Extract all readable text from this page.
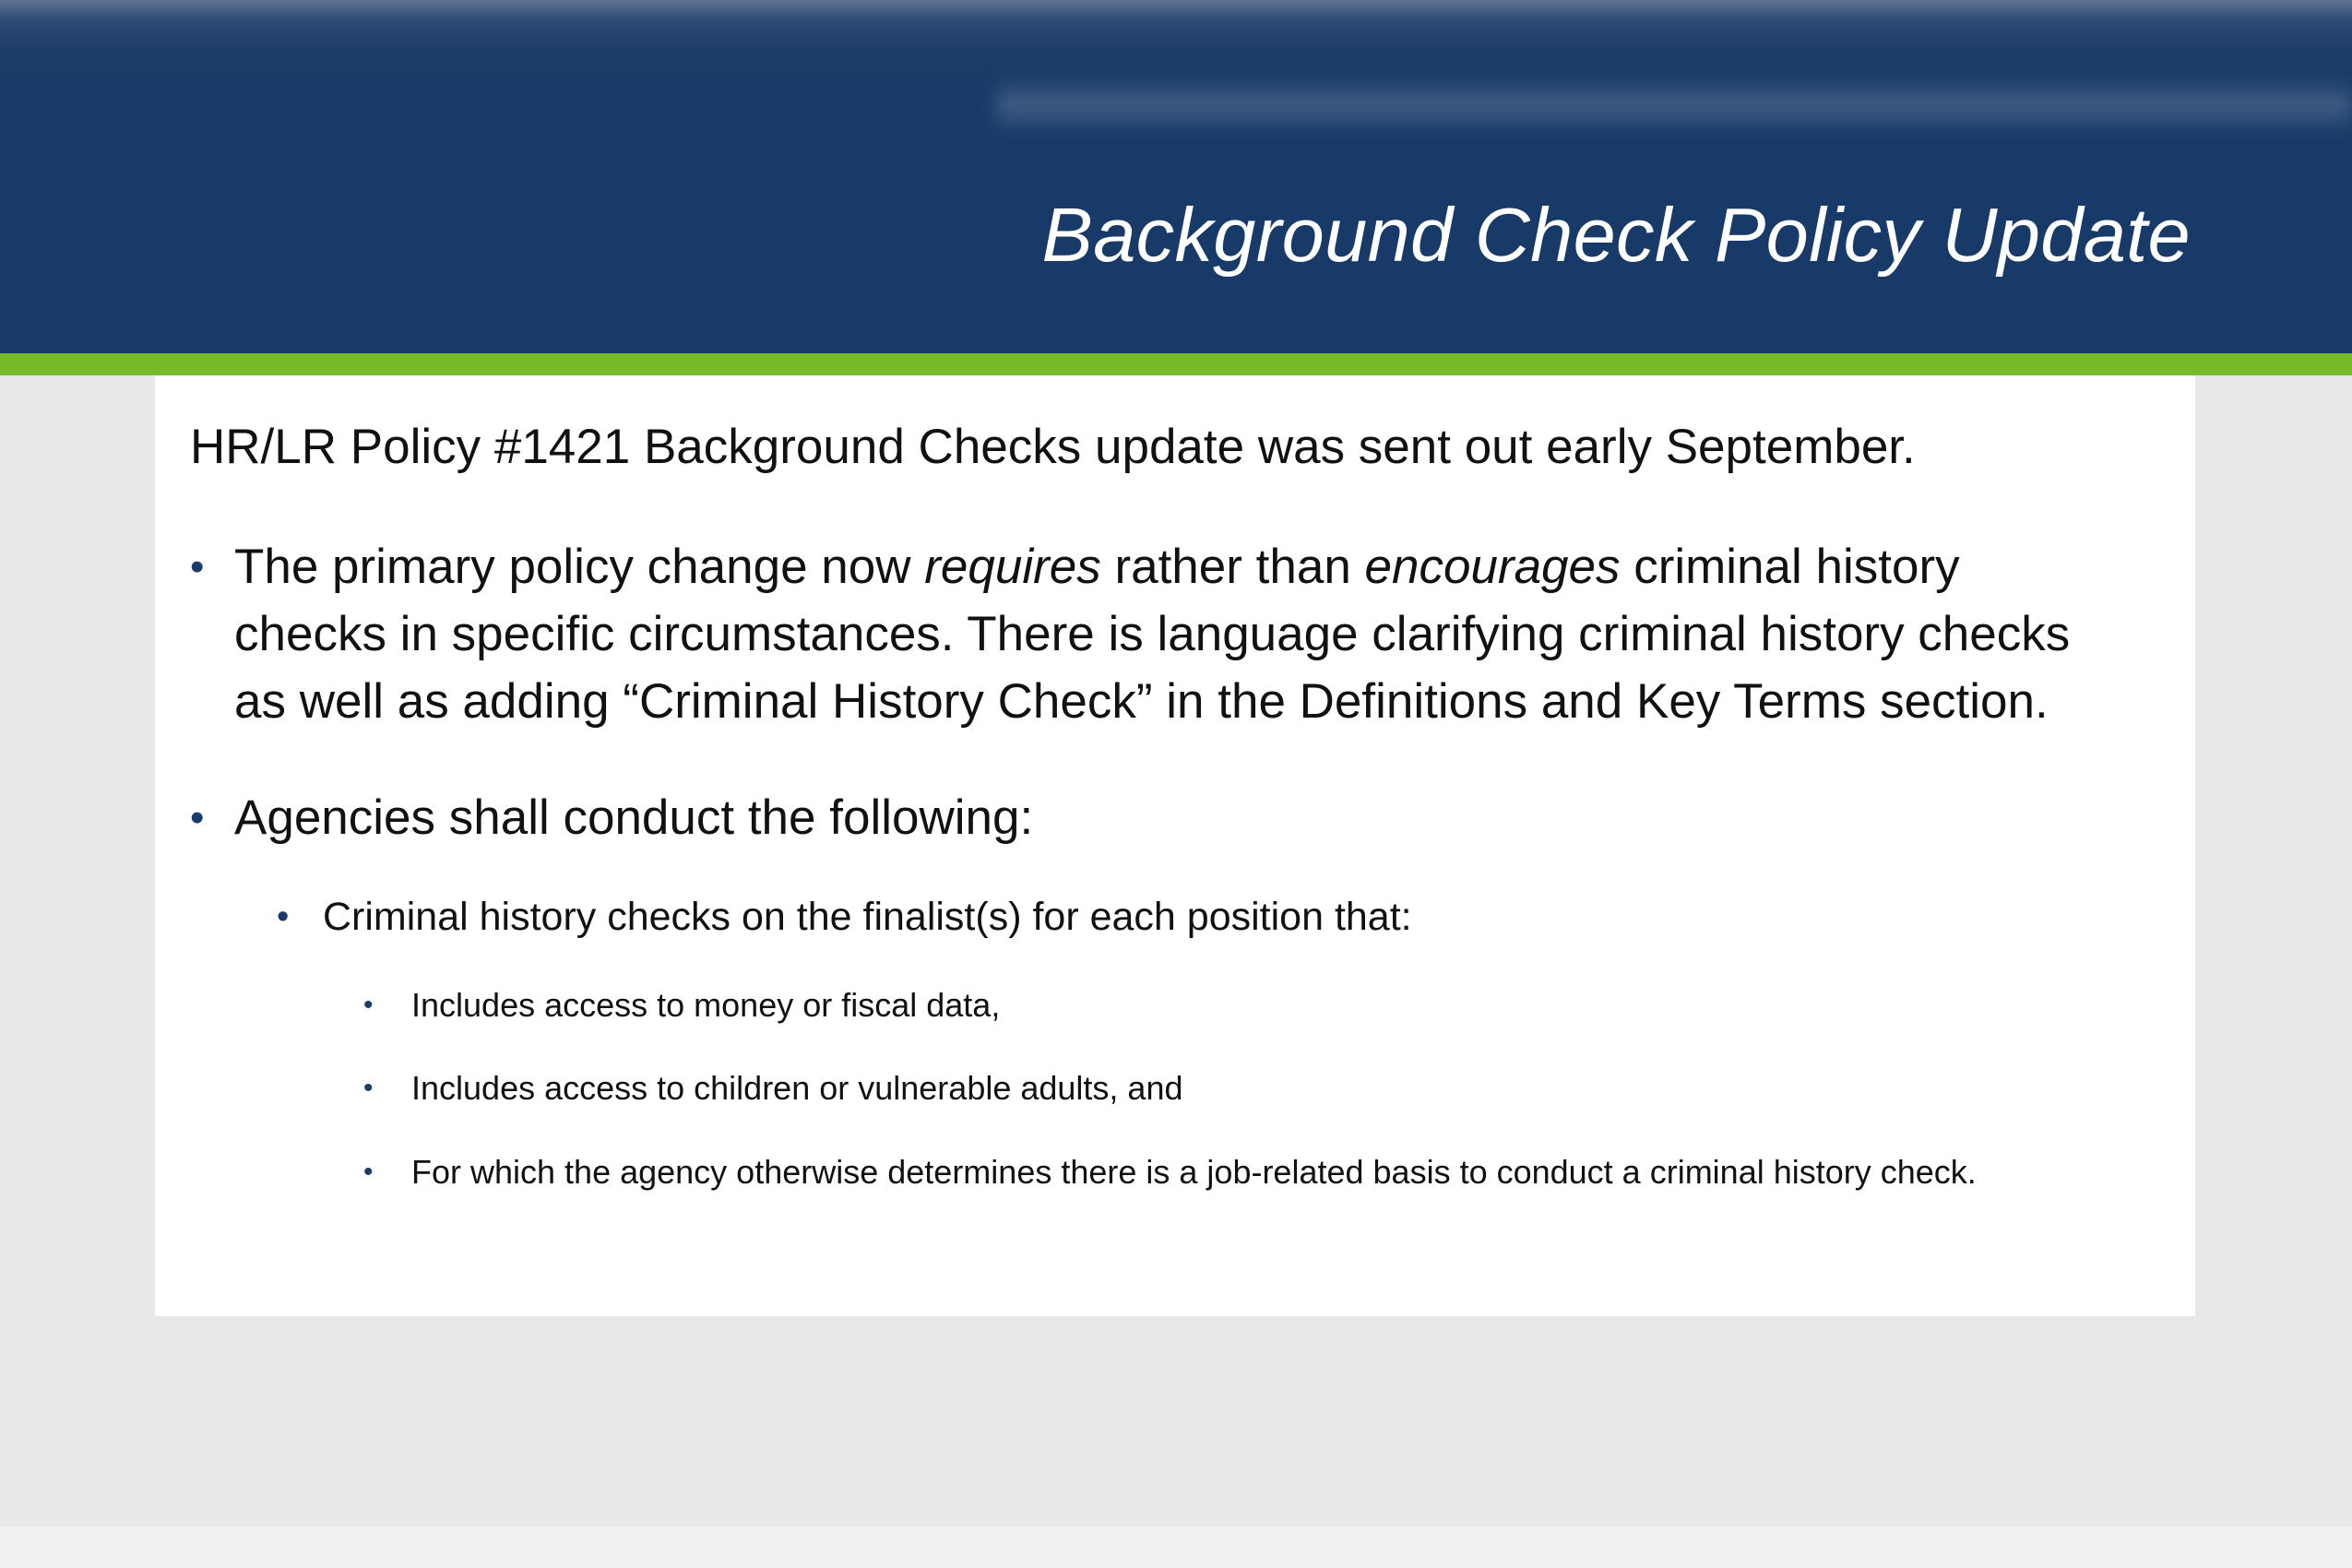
Background Check Policy Update

HR/LR Policy #1421 Background Checks update was sent out early September.

• The primary policy change now requires rather than encourages criminal history
checks in specific circumstances. There is language clarifying criminal history checks
as well as adding “Criminal History Check” in the Definitions and Key Terms section.
• Agencies shall conduct the following:

• Criminal history checks on the finalist(s) for each position that:

• Includes access to money or fiscal data,

• Includes access to children or vulnerable adults, and

• For which the agency otherwise determines there is a job-related basis to conduct a criminal history check.
